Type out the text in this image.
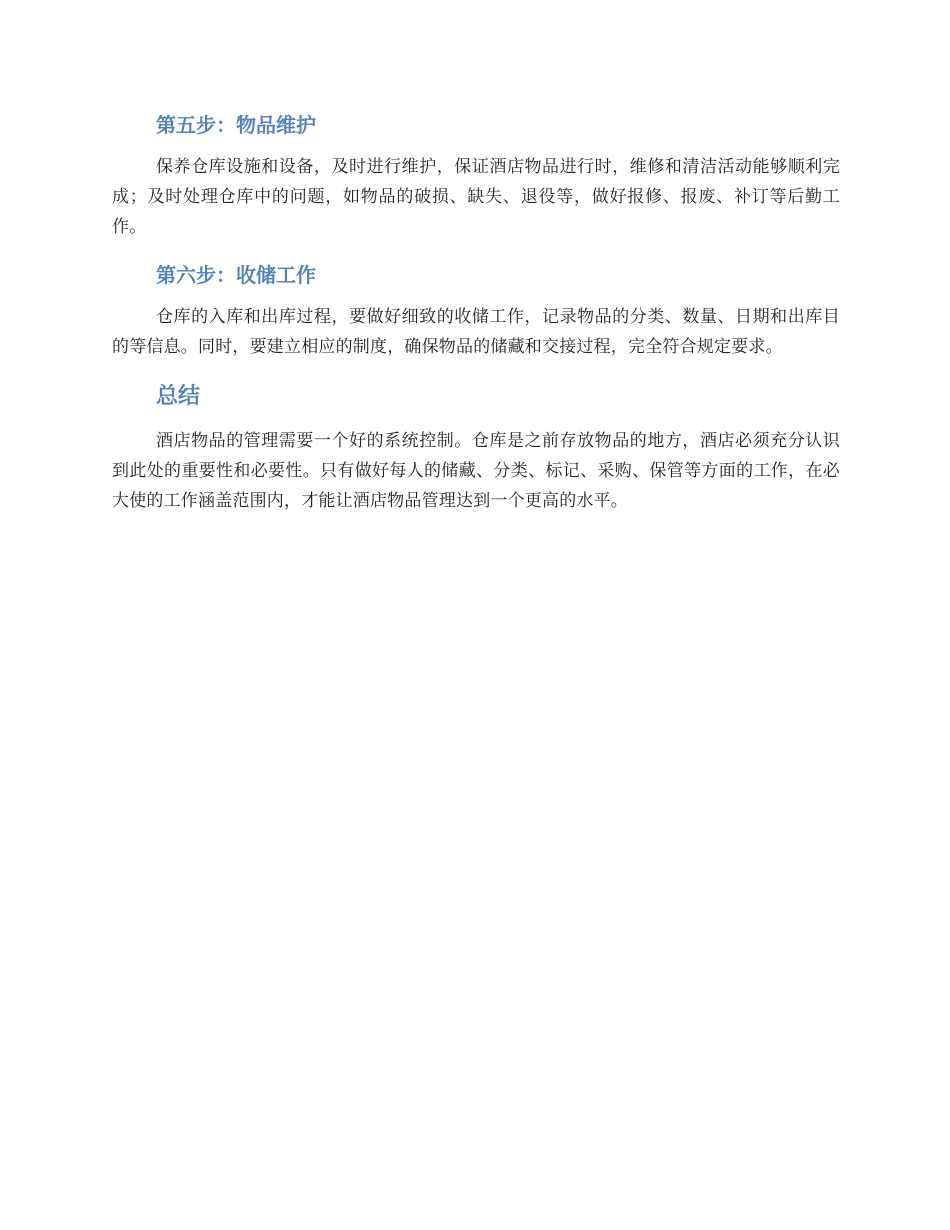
第五步：物品维护

保养仓库设施和设备，及时进行维护，保证酒店物品进行时，维修和清洁活动能够顺利完成；及时处理仓库中的问题，如物品的破损、缺失、退役等，做好报修、报废、补订等后勤工作。

第六步：收储工作

仓库的入库和出库过程，要做好细致的收储工作，记录物品的分类、数量、日期和出库目的等信息。同时，要建立相应的制度，确保物品的储藏和交接过程，完全符合规定要求。

总结

酒店物品的管理需要一个好的系统控制。仓库是之前存放物品的地方，酒店必须充分认识到此处的重要性和必要性。只有做好每人的储藏、分类、标记、采购、保管等方面的工作，在必大使的工作涵盖范围内，才能让酒店物品管理达到一个更高的水平。
